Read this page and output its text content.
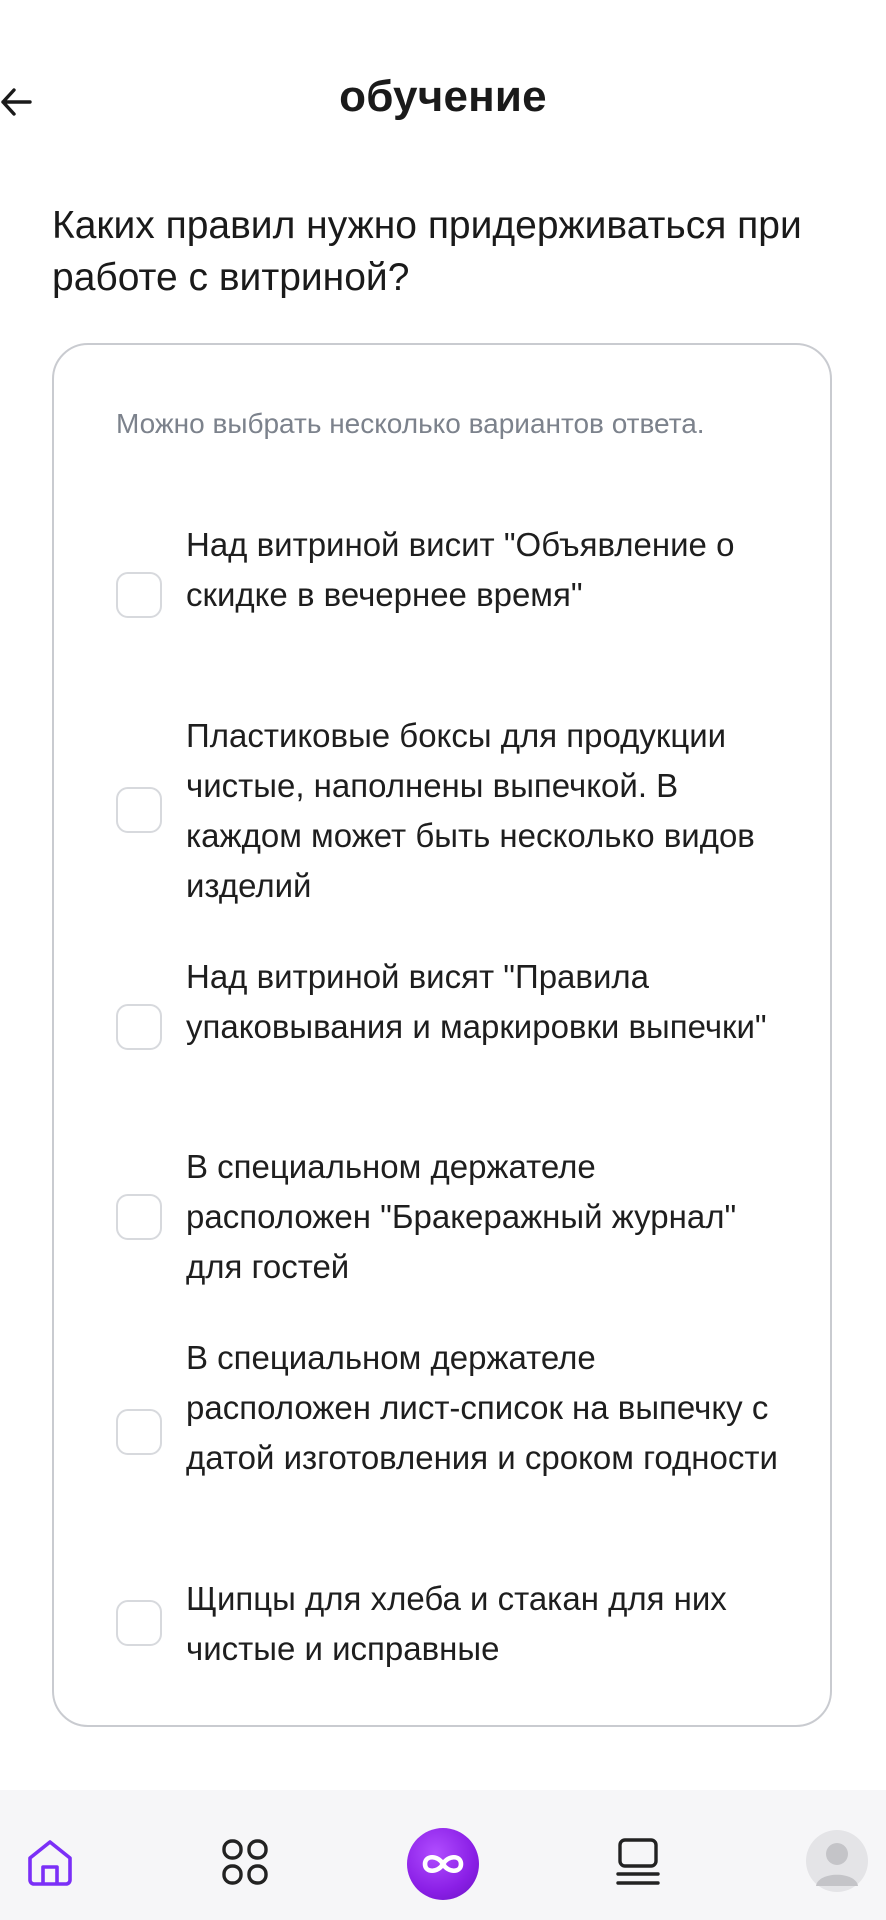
обучение
Каких правил нужно придерживаться при работе с витриной?
Можно выбрать несколько вариантов ответа.
Над витриной висит "Объявление о скидке в вечернее время"
Пластиковые боксы для продукции чистые, наполнены выпечкой. В каждом может быть несколько видов изделий
Над витриной висят "Правила упаковывания и маркировки выпечки"
В специальном держателе расположен "Бракеражный журнал" для гостей
В специальном держателе расположен лист-список на выпечку с датой изготовления и сроком годности
Щипцы для хлеба и стакан для них чистые и исправные
